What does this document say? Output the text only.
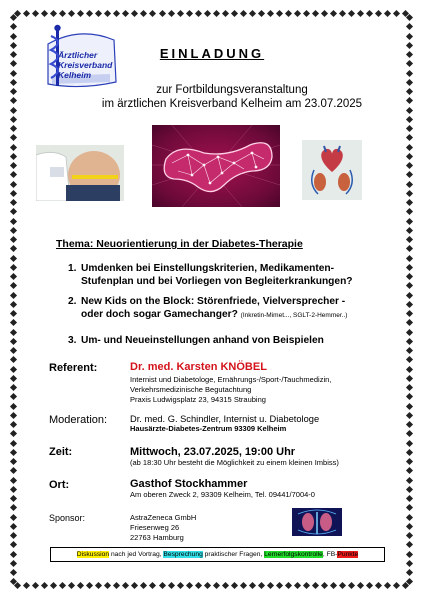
Ärztlicher
Kreisverband
Kelheim
EINLADUNG
zur Fortbildungsveranstaltung
im ärztlichen Kreisverband Kelheim am 23.07.2025
Thema: Neuorientierung in der Diabetes-Therapie
1. Umdenken bei Einstellungskriterien, Medikamenten-
Stufenplan und bei Vorliegen von Begleiterkrankungen?
2. New Kids on the Block: Störenfriede, Vielversprecher -
oder doch sogar Gamechanger? (Inkretin-Mimet..., SGLT-2-Hemmer..)
3. Um- und Neueinstellungen anhand von Beispielen
Referent:	Dr. med. Karsten KNÖBEL
Internist und Diabetologe, Ernährungs-/Sport-/Tauchmedizin,
Verkehrsmedizinische Begutachtung
Praxis Ludwigsplatz 23, 94315 Straubing
Moderation: Dr. med. G. Schindler, Internist u. Diabetologe
Hausärzte-Diabetes-Zentrum 93309 Kelheim
Zeit:	Mittwoch, 23.07.2025, 19:00 Uhr
(ab 18:30 Uhr besteht die Möglichkeit zu einem kleinen Imbiss)
Ort:	Gasthof Stockhammer
Am oberen Zweck 2, 93309 Kelheim, Tel. 09441/7004-0
Sponsor:	AstraZeneca GmbH
Friesenweg 26
22763 Hamburg
Diskussion nach jed Vortrag, Besprechung praktischer Fragen, Lernerfolgskontrolle, FB-Punkte
